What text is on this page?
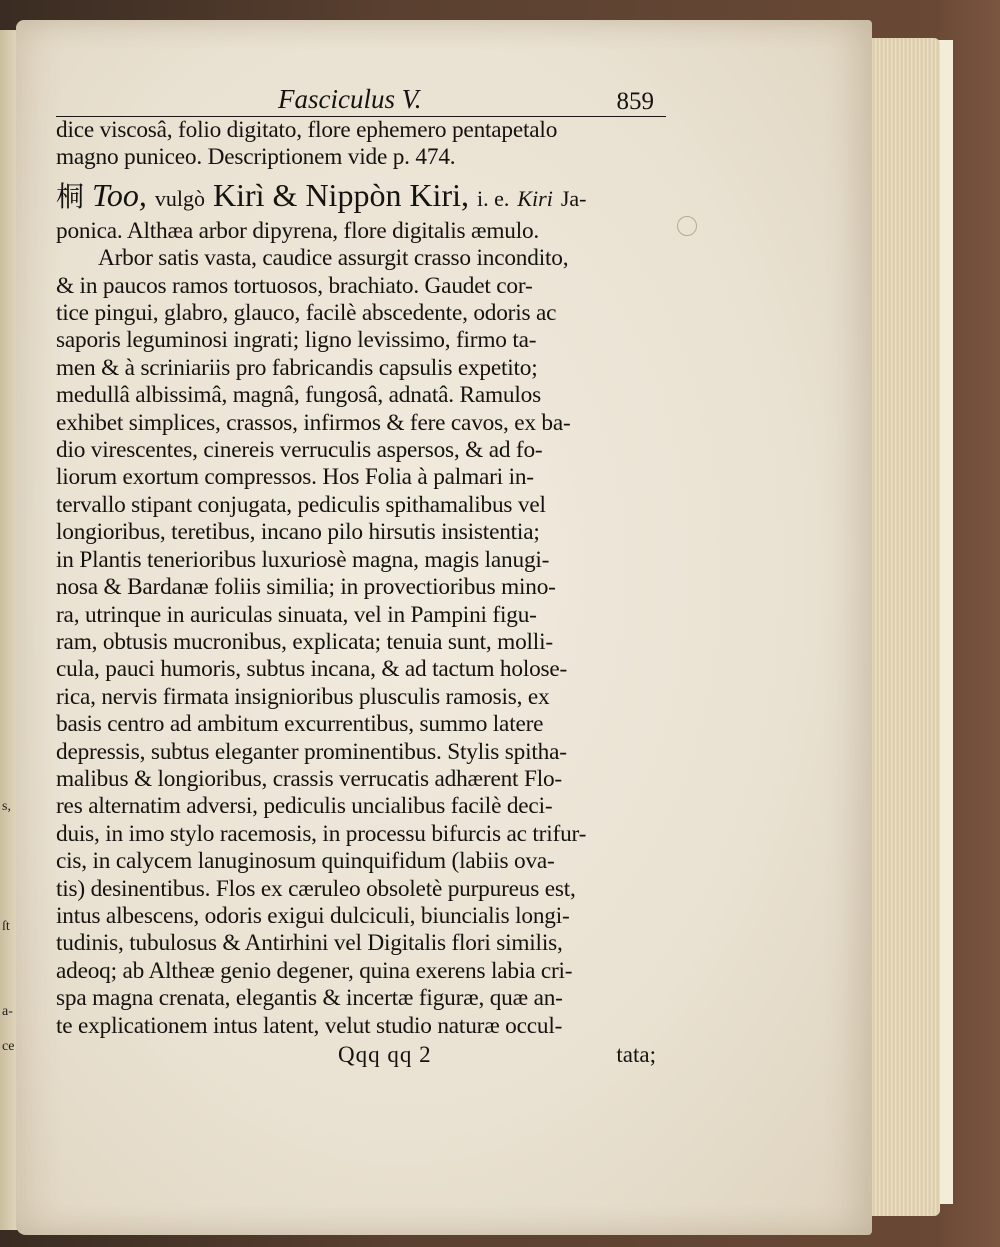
s,
ſt
a-
ce
Fasciculus V.	859
dice viscosâ, folio digitato, flore ephemero pentapetalo
magno puniceo. Descriptionem vide p. 474.
桐 Too, vulgò Kirì & Nippòn Kiri, i. e. Kiri Ja-
ponica. Althæa arbor dipyrena, flore digitalis æmulo.
Arbor satis vasta, caudice assurgit crasso incondito,
& in paucos ramos tortuosos, brachiato. Gaudet cor-
tice pingui, glabro, glauco, facilè abscedente, odoris ac
saporis leguminosi ingrati; ligno levissimo, firmo ta-
men & à scriniariis pro fabricandis capsulis expetito;
medullâ albissimâ, magnâ, fungosâ, adnatâ. Ramulos
exhibet simplices, crassos, infirmos & fere cavos, ex ba-
dio virescentes, cinereis verruculis aspersos, & ad fo-
liorum exortum compressos. Hos Folia à palmari in-
tervallo stipant conjugata, pediculis spithamalibus vel
longioribus, teretibus, incano pilo hirsutis insistentia;
in Plantis tenerioribus luxuriosè magna, magis lanugi-
nosa & Bardanæ foliis similia; in provectioribus mino-
ra, utrinque in auriculas sinuata, vel in Pampini figu-
ram, obtusis mucronibus, explicata; tenuia sunt, molli-
cula, pauci humoris, subtus incana, & ad tactum holose-
rica, nervis firmata insignioribus plusculis ramosis, ex
basis centro ad ambitum excurrentibus, summo latere
depressis, subtus eleganter prominentibus. Stylis spitha-
malibus & longioribus, crassis verrucatis adhærent Flo-
res alternatim adversi, pediculis uncialibus facilè deci-
duis, in imo stylo racemosis, in processu bifurcis ac trifur-
cis, in calycem lanuginosum quinquifidum (labiis ova-
tis) desinentibus. Flos ex cæruleo obsoletè purpureus est,
intus albescens, odoris exigui dulciculi, biuncialis longi-
tudinis, tubulosus & Antirhini vel Digitalis flori similis,
adeoq; ab Altheæ genio degener, quina exerens labia cri-
spa magna crenata, elegantis & incertæ figuræ, quæ an-
te explicationem intus latent, velut studio naturæ occul-
Qqq qq 2	tata;
